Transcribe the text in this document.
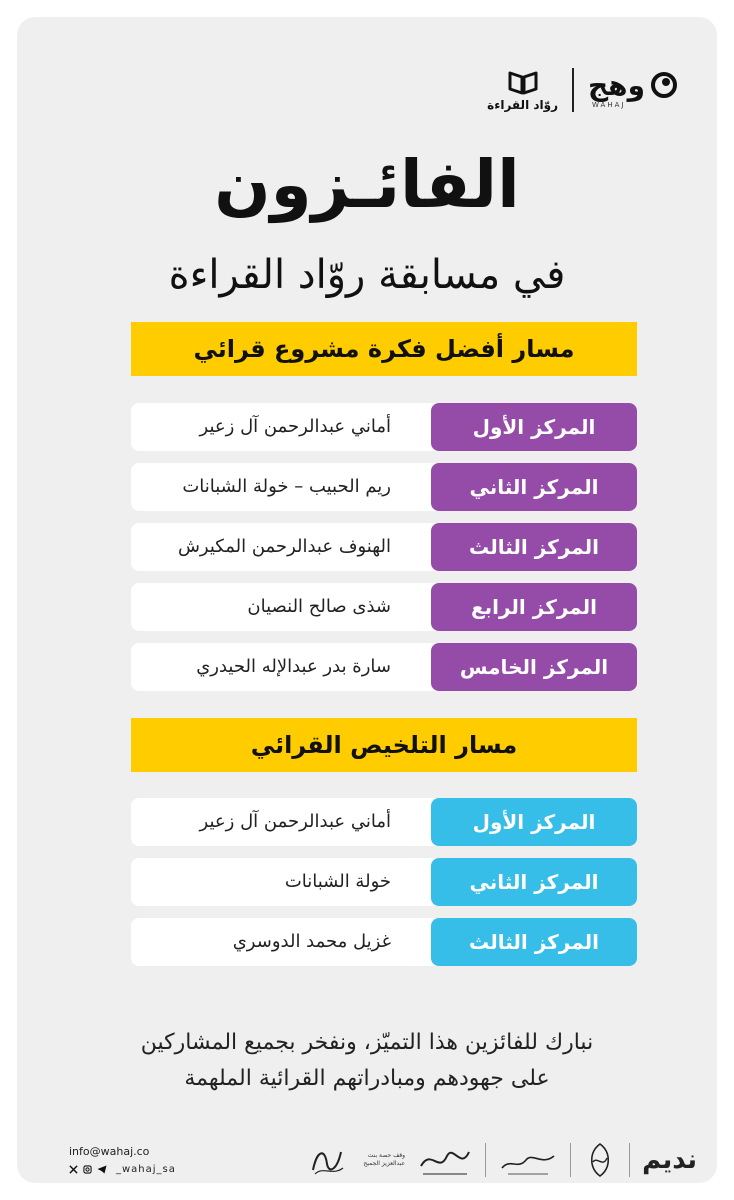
روّاد القراءة
وهج
WAHAJ
الفائـزون
في مسابقة روّاد القراءة
مسار أفضل فكرة مشروع قرائي
المركز الأول
أماني عبدالرحمن آل زعير
المركز الثاني
ريم الحبيب – خولة الشبانات
المركز الثالث
الهنوف عبدالرحمن المكيرش
المركز الرابع
شذى صالح النصيان
المركز الخامس
سارة بدر عبدالإله الحيدري
مسار التلخيص القرائي
المركز الأول
أماني عبدالرحمن آل زعير
المركز الثاني
خولة الشبانات
المركز الثالث
غزيل محمد الدوسري
نبارك للفائزين هذا التميّز، ونفخر بجميع المشاركين
على جهودهم ومبادراتهم القرائية الملهمة
info@wahaj.co
_wahaj_sa
وقف حصة بنت عبدالعزيز الجميح	نديم
